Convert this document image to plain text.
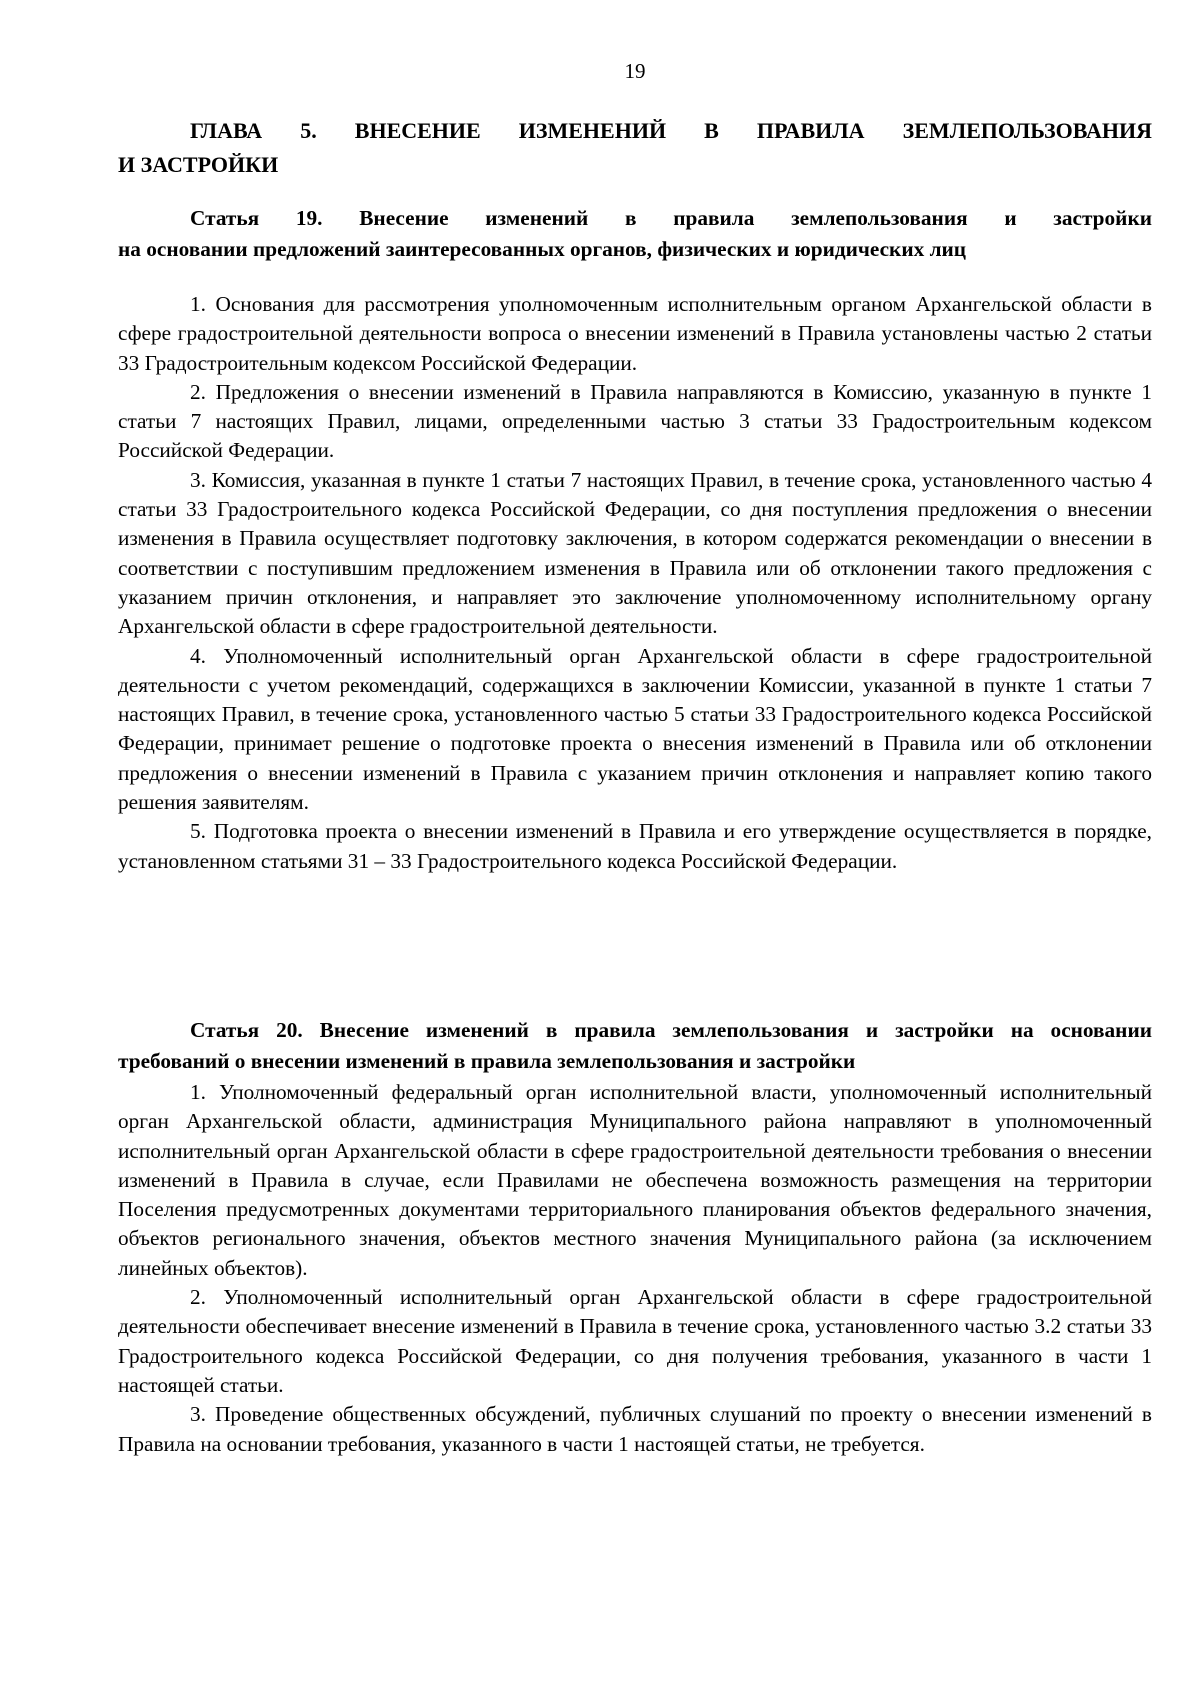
19
ГЛАВА 5. ВНЕСЕНИЕ ИЗМЕНЕНИЙ В ПРАВИЛА ЗЕМЛЕПОЛЬЗОВАНИЯ
И ЗАСТРОЙКИ
Статья 19. Внесение изменений в правила землепользования и застройки
на основании предложений заинтересованных органов, физических и юридических лиц

1. Основания для рассмотрения уполномоченным исполнительным органом Архангельской области в сфере градостроительной деятельности вопроса о внесении изменений в Правила установлены частью 2 статьи 33 Градостроительным кодексом Российской Федерации.

2. Предложения о внесении изменений в Правила направляются в Комиссию, указанную в пункте 1 статьи 7 настоящих Правил, лицами, определенными частью 3 статьи 33 Градостроительным кодексом Российской Федерации.

3. Комиссия, указанная в пункте 1 статьи 7 настоящих Правил, в течение срока, установленного частью 4 статьи 33 Градостроительного кодекса Российской Федерации, со дня поступления предложения о внесении изменения в Правила осуществляет подготовку заключения, в котором содержатся рекомендации о внесении в соответствии с поступившим предложением изменения в Правила или об отклонении такого предложения с указанием причин отклонения, и направляет это заключение уполномоченному исполнительному органу Архангельской области в сфере градостроительной деятельности.

4. Уполномоченный исполнительный орган Архангельской области в сфере градостроительной деятельности с учетом рекомендаций, содержащихся в заключении Комиссии, указанной в пункте 1 статьи 7 настоящих Правил, в течение срока, установленного частью 5 статьи 33 Градостроительного кодекса Российской Федерации, принимает решение о подготовке проекта о внесения изменений в Правила или об отклонении предложения о внесении изменений в Правила с указанием причин отклонения и направляет копию такого решения заявителям.

5. Подготовка проекта о внесении изменений в Правила и его утверждение осуществляется в порядке, установленном статьями 31 – 33 Градостроительного кодекса Российской Федерации.

Статья 20. Внесение изменений в правила землепользования и застройки на основании
требований о внесении изменений в правила землепользования и застройки

1. Уполномоченный федеральный орган исполнительной власти, уполномоченный исполнительный орган Архангельской области, администрация Муниципального района направляют в уполномоченный исполнительный орган Архангельской области в сфере градостроительной деятельности требования о внесении изменений в Правила в случае, если Правилами не обеспечена возможность размещения на территории Поселения предусмотренных документами территориального планирования объектов федерального значения, объектов регионального значения, объектов местного значения Муниципального района (за исключением линейных объектов).

2. Уполномоченный исполнительный орган Архангельской области в сфере градостроительной деятельности обеспечивает внесение изменений в Правила в течение срока, установленного частью 3.2 статьи 33 Градостроительного кодекса Российской Федерации, со дня получения требования, указанного в части 1 настоящей статьи.

3. Проведение общественных обсуждений, публичных слушаний по проекту о внесении изменений в Правила на основании требования, указанного в части 1 настоящей статьи, не требуется.
